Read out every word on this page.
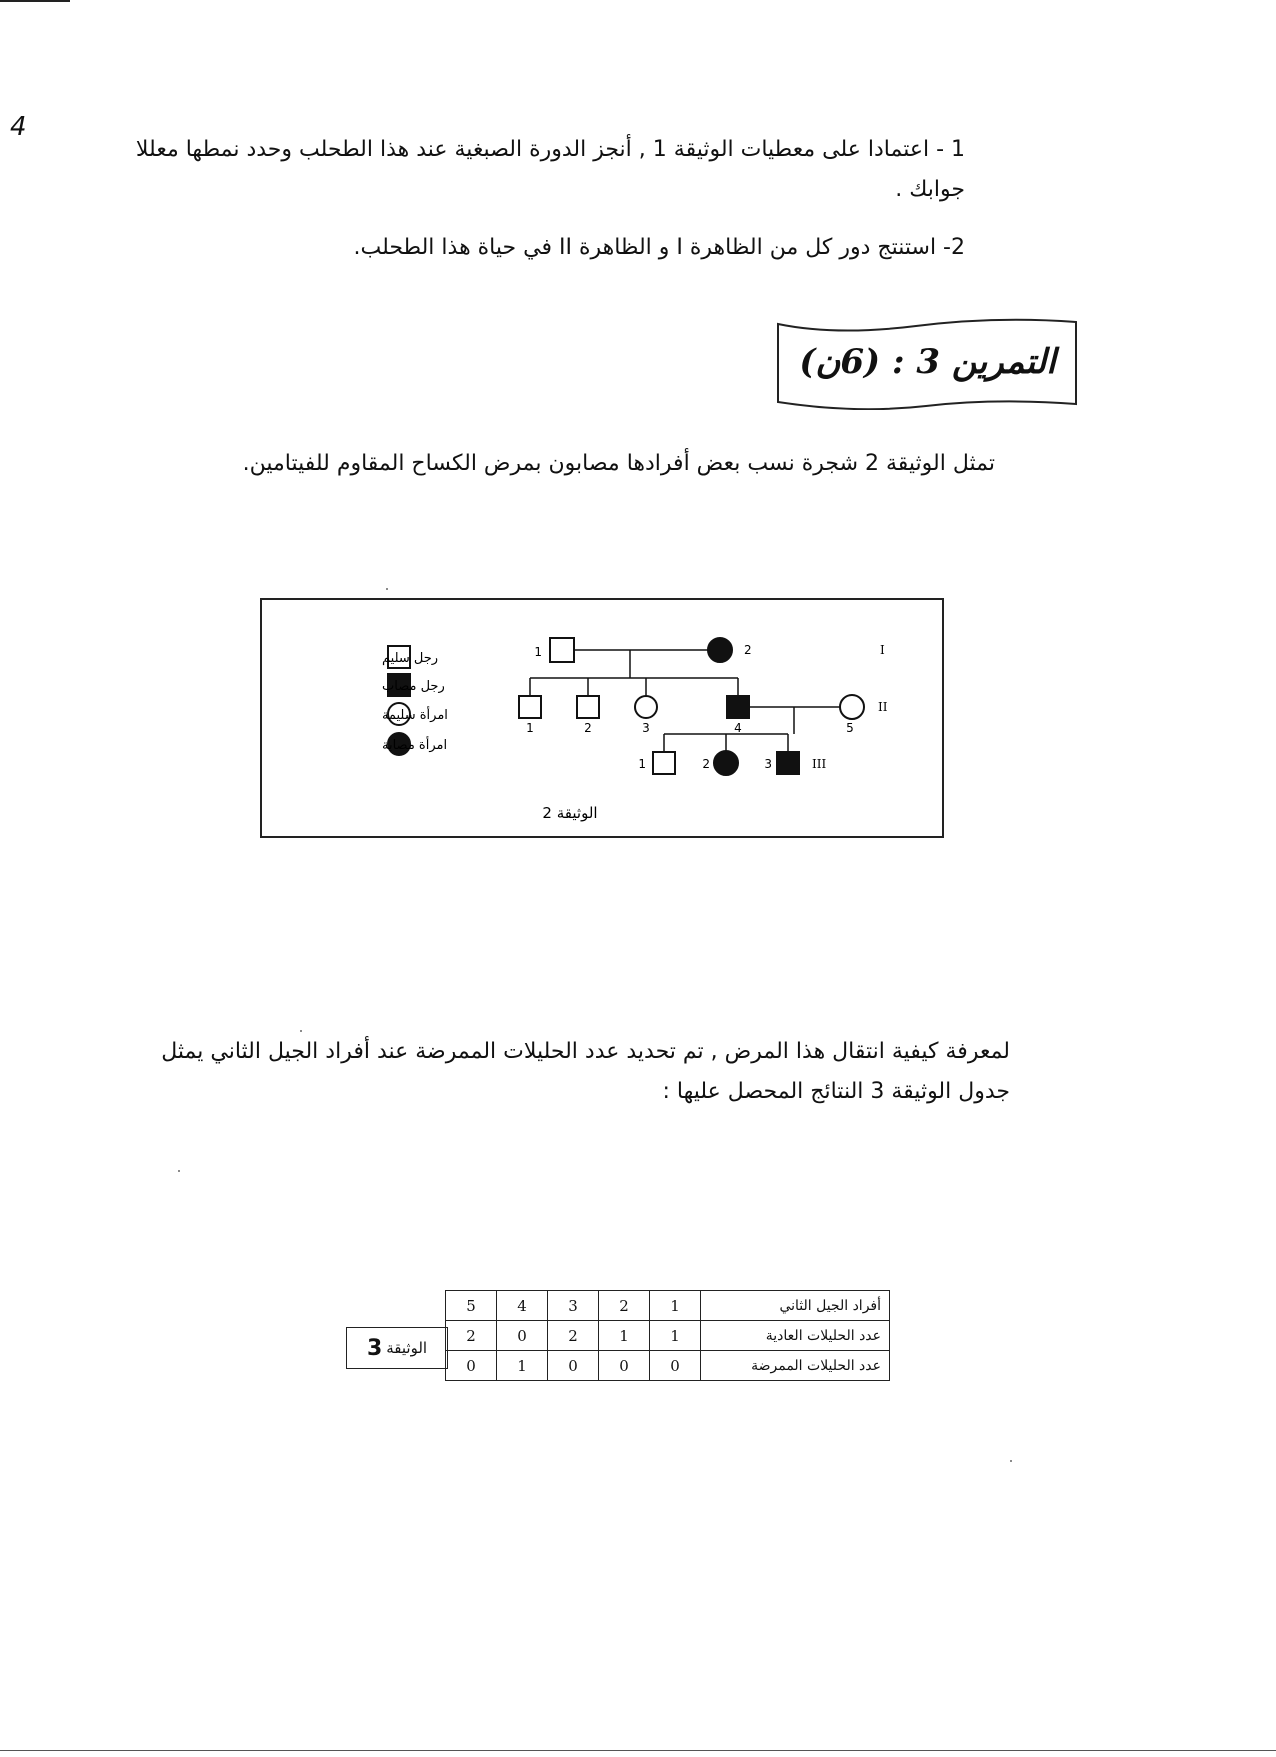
4
1 - اعتمادا على معطيات الوثيقة 1 , أنجز الدورة الصبغية عند هذا الطحلب وحدد نمطها معللا جوابك .
2- استنتج دور كل من الظاهرة I و الظاهرة II في حياة هذا الطحلب.
التمرين 3 : (6ن)
تمثل الوثيقة 2 شجرة نسب بعض أفرادها مصابون بمرض الكساح المقاوم للفيتامين.
رجل سليم
رجل مصاب
امرأة سليمة
امرأة مصابة
1	2	I
1	2	3	4	5
II
1	2	3	III
الوثيقة 2
لمعرفة كيفية انتقال هذا المرض , تم تحديد عدد الحليلات الممرضة عند أفراد الجيل الثاني يمثل جدول الوثيقة 3 النتائج المحصل عليها :
الوثيقة
3
5	4	3	2	1	أفراد الجيل الثاني
2	0	2	1	1	عدد الحليلات العادية
0	1	0	0	0	عدد الحليلات الممرضة
